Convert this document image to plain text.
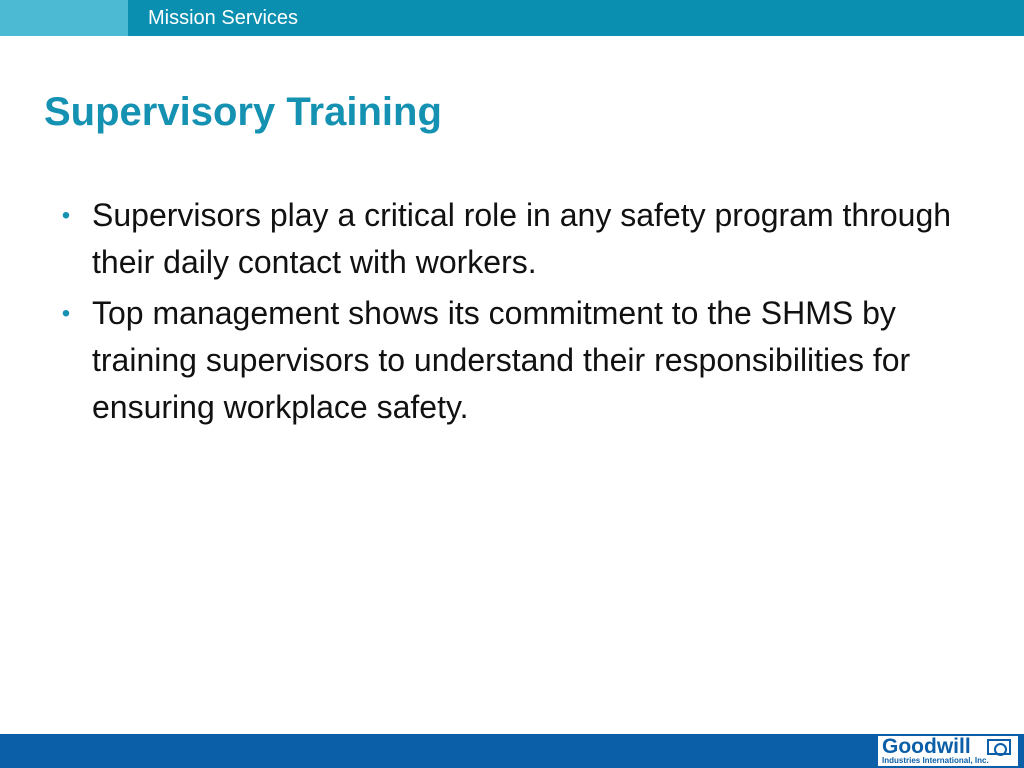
Mission Services
Supervisory Training
• Supervisors play a critical role in any safety program through their daily contact with workers.
• Top management shows its commitment to the SHMS by training supervisors to understand their responsibilities for ensuring workplace safety.
Goodwill
Industries International, Inc.
